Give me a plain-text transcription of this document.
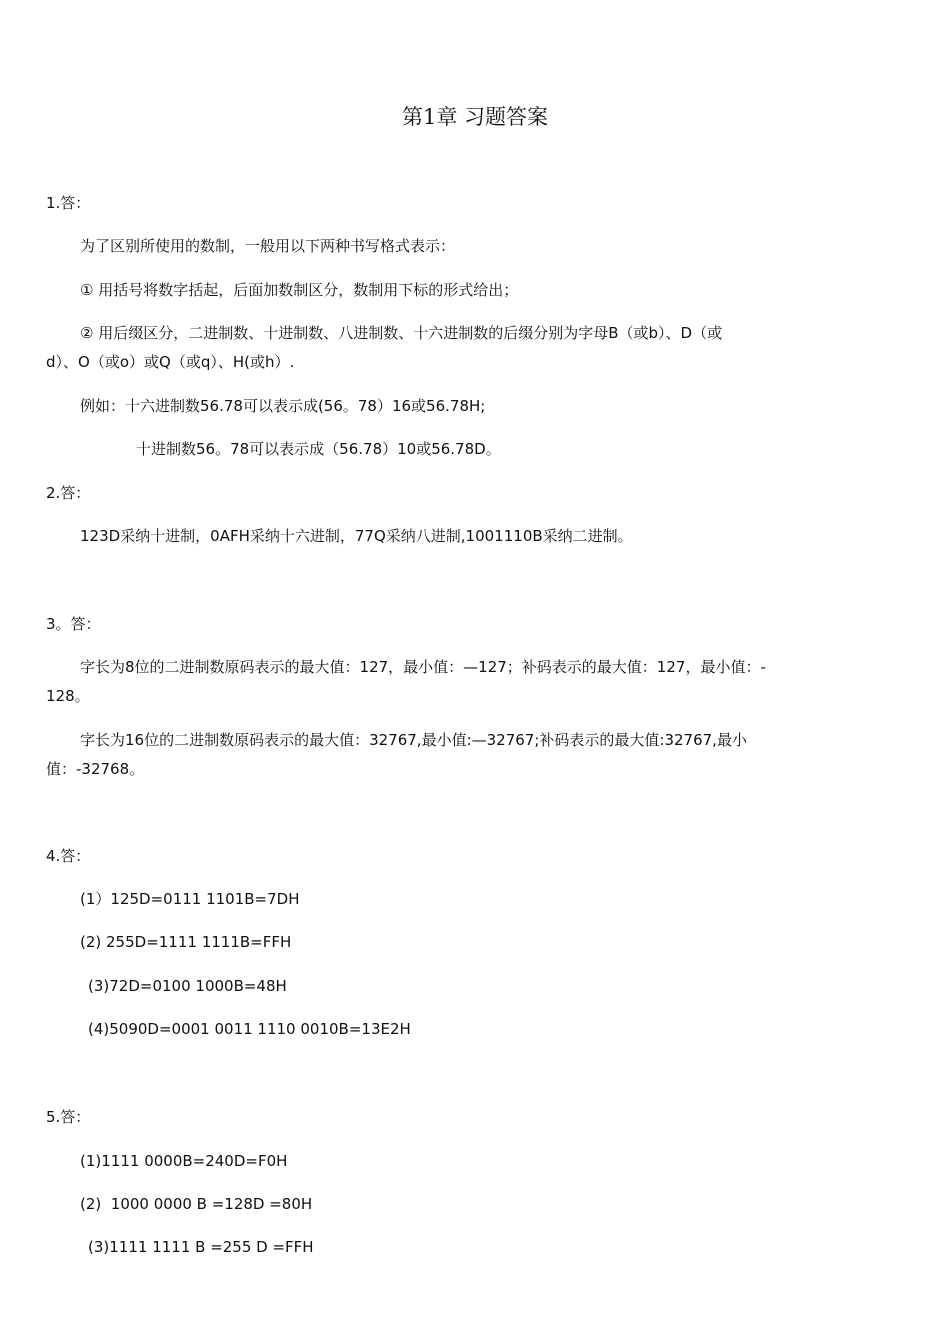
第1章 习题答案
1.答：
为了区别所使用的数制，一般用以下两种书写格式表示：
① 用括号将数字括起，后面加数制区分，数制用下标的形式给出；
② 用后缀区分，二进制数、十进制数、八进制数、十六进制数的后缀分别为字母B（或b）、D（或
d）、O（或o）或Q（或q）、H(或h）.
例如：十六进制数56.78可以表示成(56。78）16或56.78H;
十进制数56。78可以表示成（56.78）10或56.78D。
2.答：
123D采纳十进制，0AFH采纳十六进制，77Q采纳八进制,1001110B采纳二进制。
3。答：
字长为8位的二进制数原码表示的最大值：127，最小值：—127；补码表示的最大值：127，最小值：-
128。
字长为16位的二进制数原码表示的最大值：32767,最小值:—32767;补码表示的最大值:32767,最小
值：-32768。
4.答：
(1）125D=0111 1101B=7DH
(2) 255D=1111 1111B=FFH
(3)72D=0100 1000B=48H
(4)5090D=0001 0011 1110 0010B=13E2H
5.答：
(1)1111 0000B=240D=F0H
(2)  1000 0000 B =128D =80H
(3)1111 1111 B =255 D =FFH
